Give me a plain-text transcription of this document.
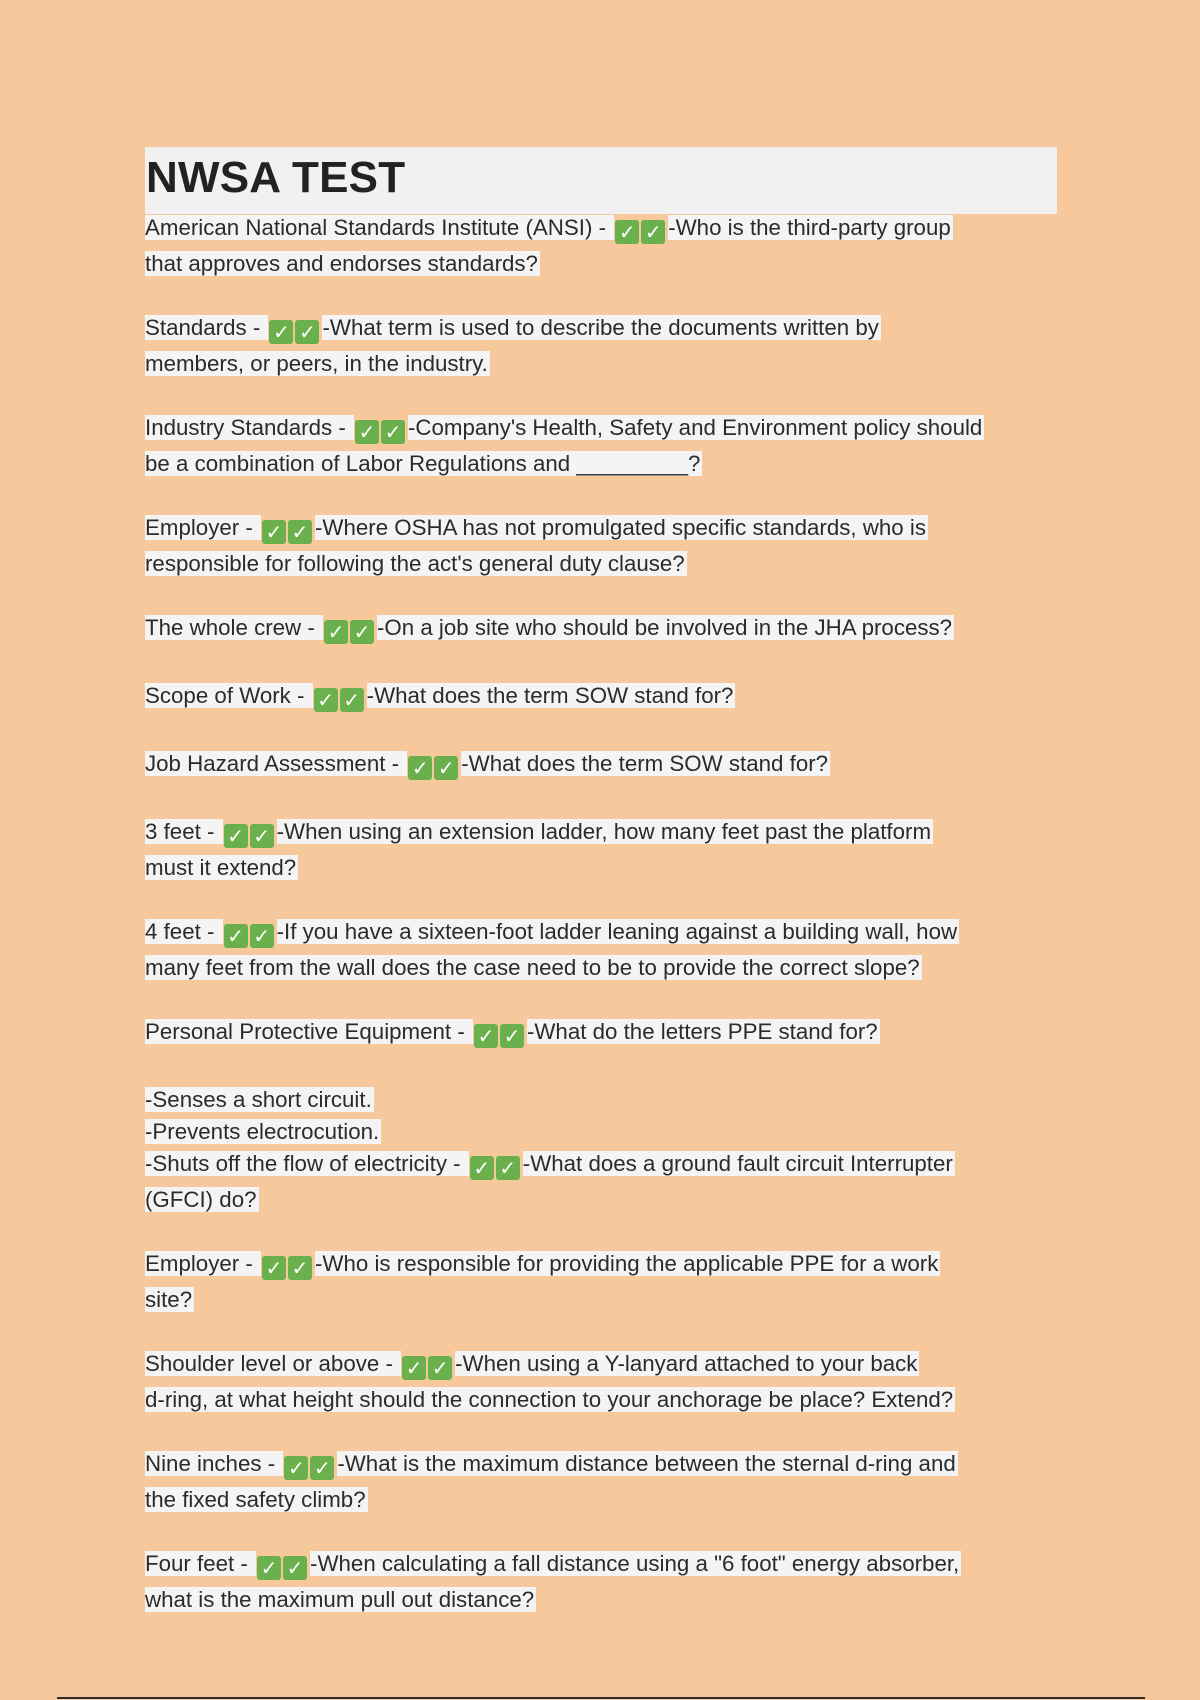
NWSA TEST
American National Standards Institute (ANSI) - ✓ ✓ -Who is the third-party group
that approves and endorses standards?
Standards - ✓ ✓ -What term is used to describe the documents written by
members, or peers, in the industry.
Industry Standards - ✓ ✓ -Company's Health, Safety and Environment policy should
be a combination of Labor Regulations and _________?
Employer - ✓ ✓ -Where OSHA has not promulgated specific standards, who is
responsible for following the act's general duty clause?
The whole crew - ✓ ✓ -On a job site who should be involved in the JHA process?
Scope of Work - ✓ ✓ -What does the term SOW stand for?
Job Hazard Assessment - ✓ ✓ -What does the term SOW stand for?
3 feet - ✓ ✓ -When using an extension ladder, how many feet past the platform
must it extend?
4 feet - ✓ ✓ -If you have a sixteen-foot ladder leaning against a building wall, how
many feet from the wall does the case need to be to provide the correct slope?
Personal Protective Equipment - ✓ ✓ -What do the letters PPE stand for?
-Senses a short circuit.
-Prevents electrocution.
-Shuts off the flow of electricity - ✓ ✓ -What does a ground fault circuit Interrupter
(GFCI) do?
Employer - ✓ ✓ -Who is responsible for providing the applicable PPE for a work
site?
Shoulder level or above - ✓ ✓ -When using a Y-lanyard attached to your back
d-ring, at what height should the connection to your anchorage be place? Extend?
Nine inches - ✓ ✓ -What is the maximum distance between the sternal d-ring and
the fixed safety climb?
Four feet - ✓ ✓ -When calculating a fall distance using a "6 foot" energy absorber,
what is the maximum pull out distance?
